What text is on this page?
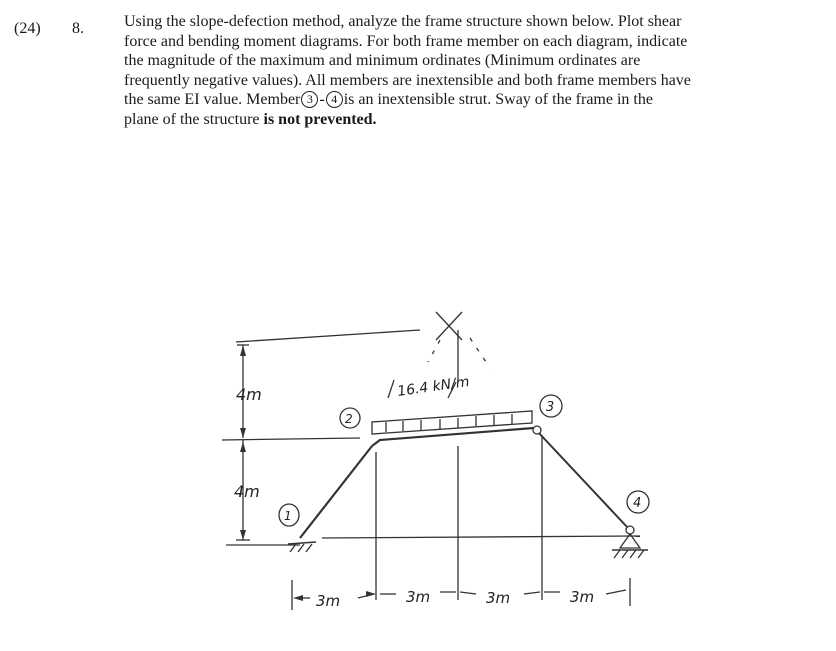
(24) 8.	Using the slope-defection method, analyze the frame structure shown below. Plot shear
force and bending moment diagrams. For both frame member on each diagram, indicate
the magnitude of the maximum and minimum ordinates (Minimum ordinates are
frequently negative values). All members are inextensible and both frame members have
the same EI value. Member 3 - 4 is an inextensible strut. Sway of the frame in the
plane of the structure is not prevented.
4m
4m
16.4 kN/m
3m	3m	3m	3m
1
2
3
4
